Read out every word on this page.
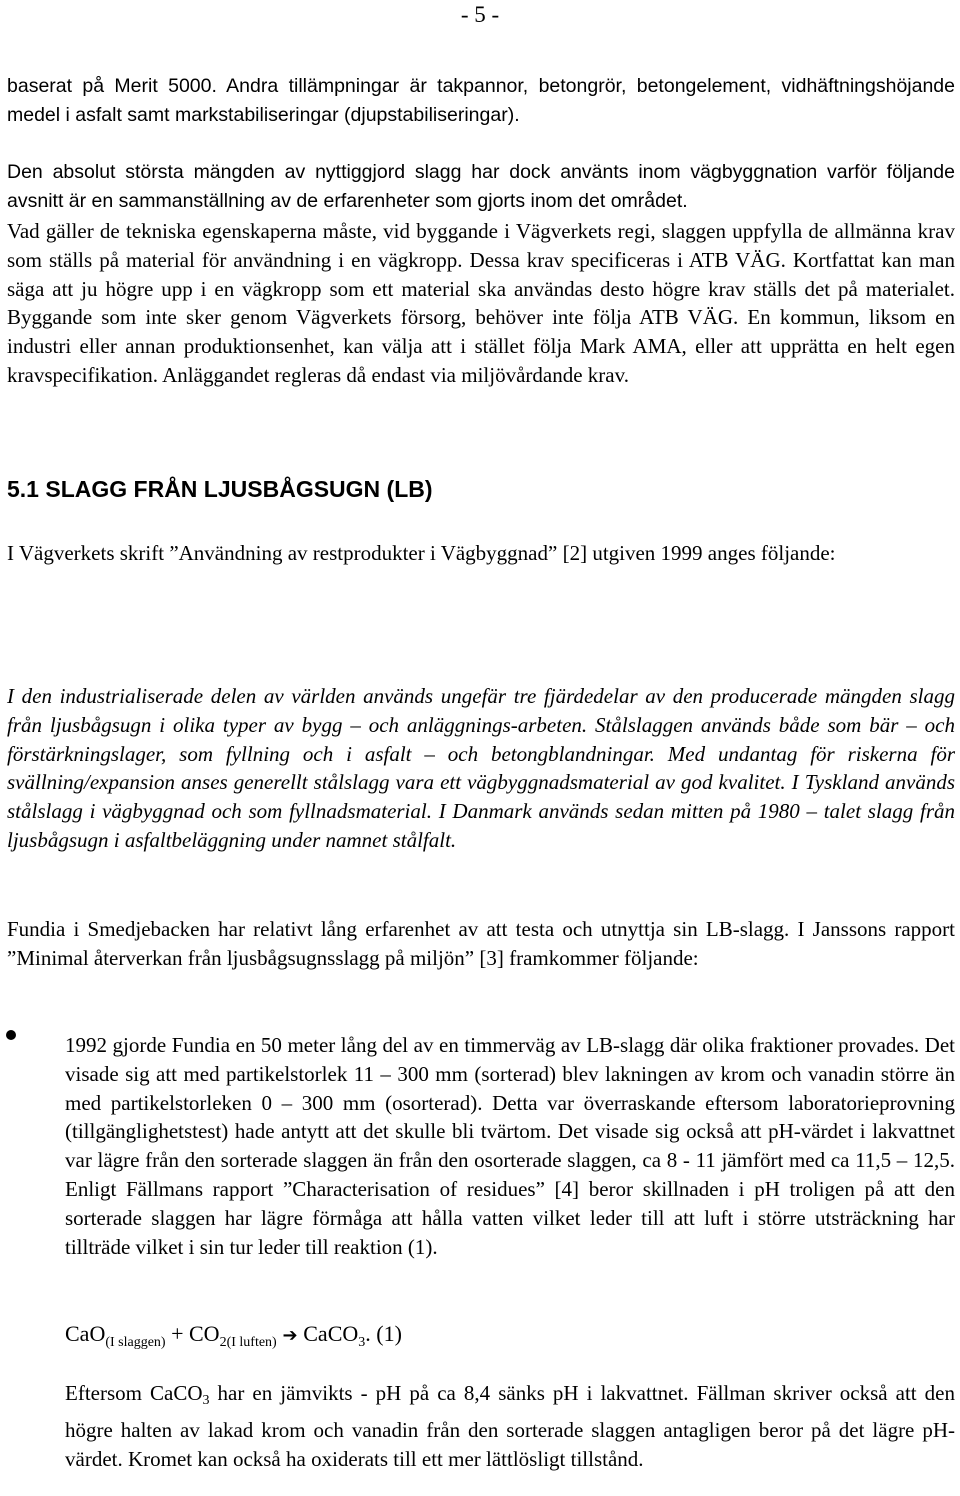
- 5 -

baserat på Merit 5000. Andra tillämpningar är takpannor, betongrör, betongelement, vidhäftningshöjande medel i asfalt samt markstabiliseringar (djupstabiliseringar).

Den absolut största mängden av nyttiggjord slagg har dock använts inom vägbyggnation varför följande avsnitt är en sammanställning av de erfarenheter som gjorts inom det området.

Vad gäller de tekniska egenskaperna måste, vid byggande i Vägverkets regi, slaggen uppfylla de allmänna krav som ställs på material för användning i en vägkropp. Dessa krav specificeras i ATB VÄG. Kortfattat kan man säga att ju högre upp i en vägkropp som ett material ska användas desto högre krav ställs det på materialet. Byggande som inte sker genom Vägverkets försorg, behöver inte följa ATB VÄG. En kommun, liksom en industri eller annan produktionsenhet, kan välja att i stället följa Mark AMA, eller att upprätta en helt egen kravspecifikation. Anläggandet regleras då endast via miljövårdande krav.

5.1 SLAGG FRÅN LJUSBÅGSUGN (LB)

I Vägverkets skrift ”Användning av restprodukter i Vägbyggnad” [2] utgiven 1999 anges följande:

I den industrialiserade delen av världen används ungefär tre fjärdedelar av den producerade mängden slagg från ljusbågsugn i olika typer av bygg – och anläggnings-arbeten. Stålslaggen används både som bär – och förstärkningslager, som fyllning och i asfalt – och betongblandningar. Med undantag för riskerna för svällning/expansion anses generellt stålslagg vara ett vägbyggnadsmaterial av god kvalitet. I Tyskland används stålslagg i vägbyggnad och som fyllnadsmaterial. I Danmark används sedan mitten på 1980 – talet slagg från ljusbågsugn i asfaltbeläggning under namnet stålfalt.

Fundia i Smedjebacken har relativt lång erfarenhet av att testa och utnyttja sin LB-slagg. I Janssons rapport ”Minimal återverkan från ljusbågsugnsslagg på miljön” [3] framkommer följande:

1992 gjorde Fundia en 50 meter lång del av en timmerväg av LB-slagg där olika fraktioner provades. Det visade sig att med partikelstorlek 11 – 300 mm (sorterad) blev lakningen av krom och vanadin större än med partikelstorleken 0 – 300 mm (osorterad). Detta var överraskande eftersom laboratorieprovning (tillgänglighetstest) hade antytt att det skulle bli tvärtom. Det visade sig också att pH-värdet i lakvattnet var lägre från den sorterade slaggen än från den osorterade slaggen, ca 8 - 11 jämfört med ca 11,5 – 12,5. Enligt Fällmans rapport ”Characterisation of residues” [4] beror skillnaden i pH troligen på att den sorterade slaggen har lägre förmåga att hålla vatten vilket leder till att luft i större utsträckning har tillträde vilket i sin tur leder till reaktion (1).

$CaO_{(I slaggen)} + CO_{2(I luften)}$ ➔ CaCO$_3$. (1)

Eftersom CaCO$_3$ har en jämvikts - pH på ca 8,4 sänks pH i lakvattnet. Fällman skriver också att den högre halten av lakad krom och vanadin från den sorterade slaggen antagligen beror på det lägre pH-värdet. Kromet kan också ha oxiderats till ett mer lättlösligt tillstånd.
